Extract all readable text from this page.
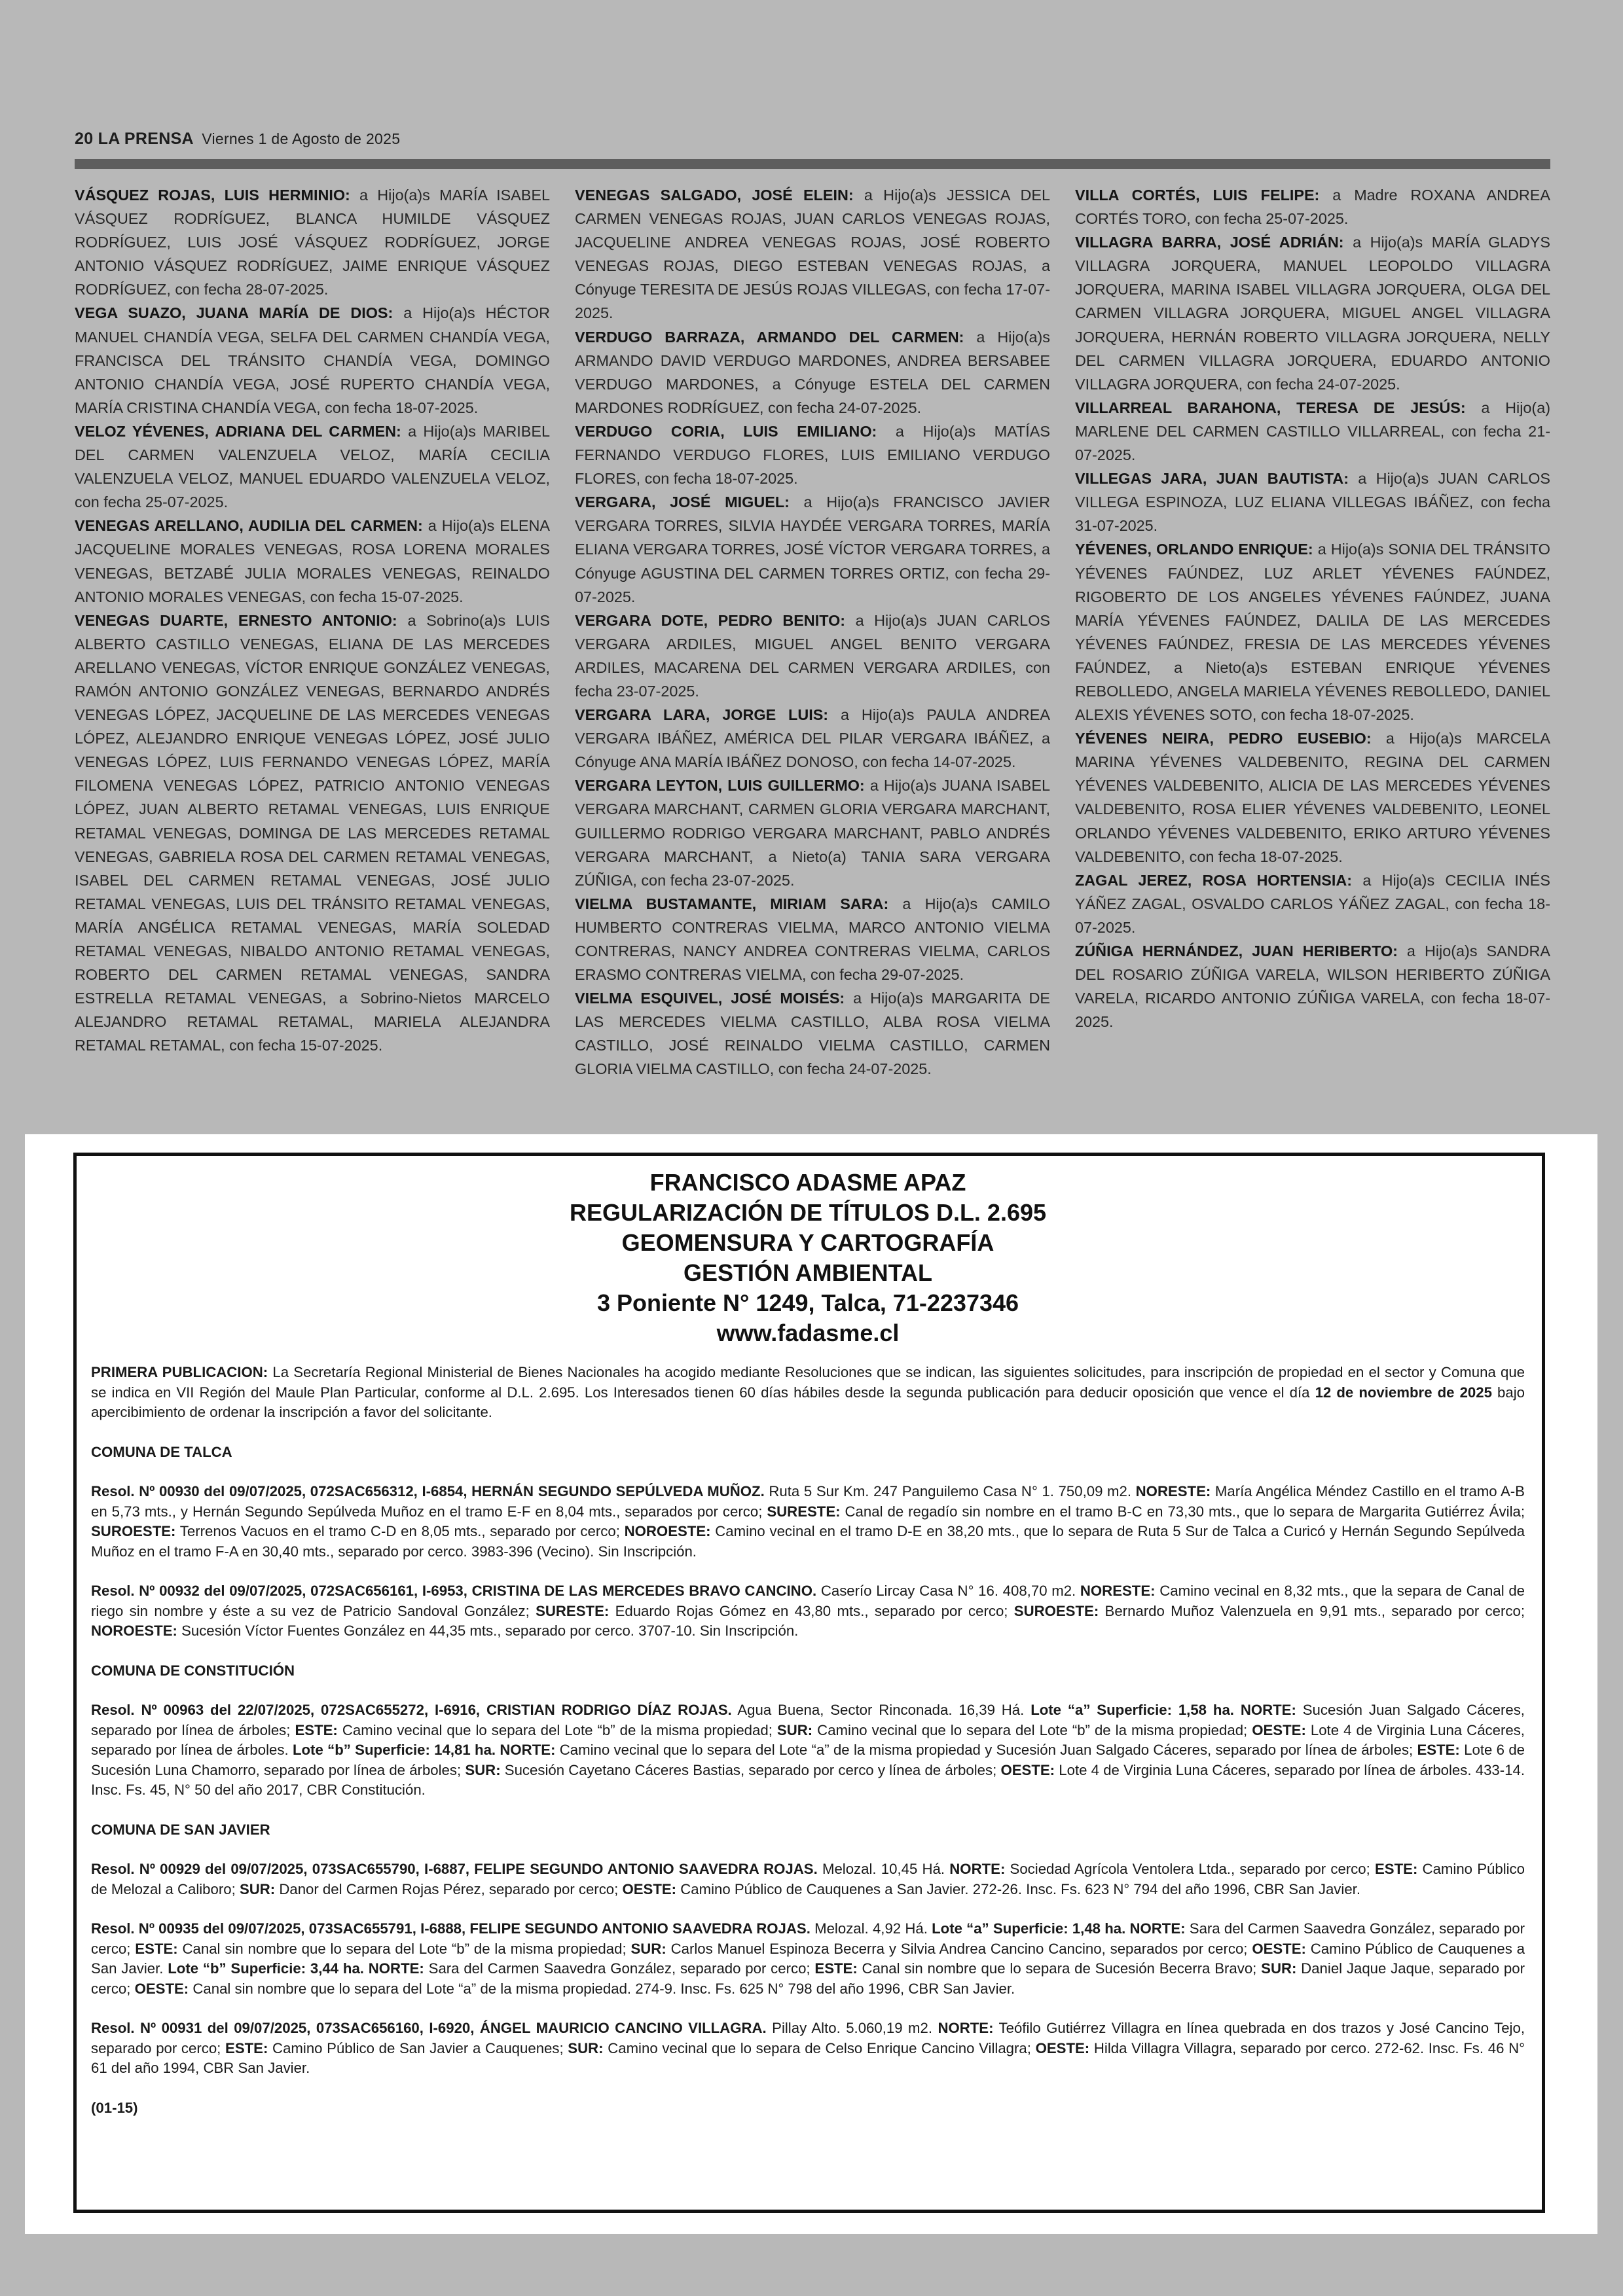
20 LA PRENSA Viernes 1 de Agosto de 2025
VÁSQUEZ ROJAS, LUIS HERMINIO: a Hijo(a)s MARÍA ISABEL VÁSQUEZ RODRÍGUEZ, BLANCA HUMILDE VÁSQUEZ RODRÍGUEZ, LUIS JOSÉ VÁSQUEZ RODRÍGUEZ, JORGE ANTONIO VÁSQUEZ RODRÍGUEZ, JAIME ENRIQUE VÁSQUEZ RODRÍGUEZ, con fecha 28-07-2025.
VEGA SUAZO, JUANA MARÍA DE DIOS: a Hijo(a)s HÉCTOR MANUEL CHANDÍA VEGA, SELFA DEL CARMEN CHANDÍA VEGA, FRANCISCA DEL TRÁNSITO CHANDÍA VEGA, DOMINGO ANTONIO CHANDÍA VEGA, JOSÉ RUPERTO CHANDÍA VEGA, MARÍA CRISTINA CHANDÍA VEGA, con fecha 18-07-2025.
VELOZ YÉVENES, ADRIANA DEL CARMEN: a Hijo(a)s MARIBEL DEL CARMEN VALENZUELA VELOZ, MARÍA CECILIA VALENZUELA VELOZ, MANUEL EDUARDO VALENZUELA VELOZ, con fecha 25-07-2025.
VENEGAS ARELLANO, AUDILIA DEL CARMEN: a Hijo(a)s ELENA JACQUELINE MORALES VENEGAS, ROSA LORENA MORALES VENEGAS, BETZABÉ JULIA MORALES VENEGAS, REINALDO ANTONIO MORALES VENEGAS, con fecha 15-07-2025.
VENEGAS DUARTE, ERNESTO ANTONIO: a Sobrino(a)s LUIS ALBERTO CASTILLO VENEGAS, ELIANA DE LAS MERCEDES ARELLANO VENEGAS, VÍCTOR ENRIQUE GONZÁLEZ VENEGAS, RAMÓN ANTONIO GONZÁLEZ VENEGAS, BERNARDO ANDRÉS VENEGAS LÓPEZ, JACQUELINE DE LAS MERCEDES VENEGAS LÓPEZ, ALEJANDRO ENRIQUE VENEGAS LÓPEZ, JOSÉ JULIO VENEGAS LÓPEZ, LUIS FERNANDO VENEGAS LÓPEZ, MARÍA FILOMENA VENEGAS LÓPEZ, PATRICIO ANTONIO VENEGAS LÓPEZ, JUAN ALBERTO RETAMAL VENEGAS, LUIS ENRIQUE RETAMAL VENEGAS, DOMINGA DE LAS MERCEDES RETAMAL VENEGAS, GABRIELA ROSA DEL CARMEN RETAMAL VENEGAS, ISABEL DEL CARMEN RETAMAL VENEGAS, JOSÉ JULIO RETAMAL VENEGAS, LUIS DEL TRÁNSITO RETAMAL VENEGAS, MARÍA ANGÉLICA RETAMAL VENEGAS, MARÍA SOLEDAD RETAMAL VENEGAS, NIBALDO ANTONIO RETAMAL VENEGAS, ROBERTO DEL CARMEN RETAMAL VENEGAS, SANDRA ESTRELLA RETAMAL VENEGAS, a Sobrino-Nietos MARCELO ALEJANDRO RETAMAL RETAMAL, MARIELA ALEJANDRA RETAMAL RETAMAL, con fecha 15-07-2025.
VENEGAS SALGADO, JOSÉ ELEIN: a Hijo(a)s JESSICA DEL CARMEN VENEGAS ROJAS, JUAN CARLOS VENEGAS ROJAS, JACQUELINE ANDREA VENEGAS ROJAS, JOSÉ ROBERTO VENEGAS ROJAS, DIEGO ESTEBAN VENEGAS ROJAS, a Cónyuge TERESITA DE JESÚS ROJAS VILLEGAS, con fecha 17-07-2025.
VERDUGO BARRAZA, ARMANDO DEL CARMEN: a Hijo(a)s ARMANDO DAVID VERDUGO MARDONES, ANDREA BERSABEE VERDUGO MARDONES, a Cónyuge ESTELA DEL CARMEN MARDONES RODRÍGUEZ, con fecha 24-07-2025.
VERDUGO CORIA, LUIS EMILIANO: a Hijo(a)s MATÍAS FERNANDO VERDUGO FLORES, LUIS EMILIANO VERDUGO FLORES, con fecha 18-07-2025.
VERGARA, JOSÉ MIGUEL: a Hijo(a)s FRANCISCO JAVIER VERGARA TORRES, SILVIA HAYDÉE VERGARA TORRES, MARÍA ELIANA VERGARA TORRES, JOSÉ VÍCTOR VERGARA TORRES, a Cónyuge AGUSTINA DEL CARMEN TORRES ORTIZ, con fecha 29-07-2025.
VERGARA DOTE, PEDRO BENITO: a Hijo(a)s JUAN CARLOS VERGARA ARDILES, MIGUEL ANGEL BENITO VERGARA ARDILES, MACARENA DEL CARMEN VERGARA ARDILES, con fecha 23-07-2025.
VERGARA LARA, JORGE LUIS: a Hijo(a)s PAULA ANDREA VERGARA IBÁÑEZ, AMÉRICA DEL PILAR VERGARA IBÁÑEZ, a Cónyuge ANA MARÍA IBÁÑEZ DONOSO, con fecha 14-07-2025.
VERGARA LEYTON, LUIS GUILLERMO: a Hijo(a)s JUANA ISABEL VERGARA MARCHANT, CARMEN GLORIA VERGARA MARCHANT, GUILLERMO RODRIGO VERGARA MARCHANT, PABLO ANDRÉS VERGARA MARCHANT, a Nieto(a) TANIA SARA VERGARA ZÚÑIGA, con fecha 23-07-2025.
VIELMA BUSTAMANTE, MIRIAM SARA: a Hijo(a)s CAMILO HUMBERTO CONTRERAS VIELMA, MARCO ANTONIO VIELMA CONTRERAS, NANCY ANDREA CONTRERAS VIELMA, CARLOS ERASMO CONTRERAS VIELMA, con fecha 29-07-2025.
VIELMA ESQUIVEL, JOSÉ MOISÉS: a Hijo(a)s MARGARITA DE LAS MERCEDES VIELMA CASTILLO, ALBA ROSA VIELMA CASTILLO, JOSÉ REINALDO VIELMA CASTILLO, CARMEN GLORIA VIELMA CASTILLO, con fecha 24-07-2025.
VILLA CORTÉS, LUIS FELIPE: a Madre ROXANA ANDREA CORTÉS TORO, con fecha 25-07-2025.
VILLAGRA BARRA, JOSÉ ADRIÁN: a Hijo(a)s MARÍA GLADYS VILLAGRA JORQUERA, MANUEL LEOPOLDO VILLAGRA JORQUERA, MARINA ISABEL VILLAGRA JORQUERA, OLGA DEL CARMEN VILLAGRA JORQUERA, MIGUEL ANGEL VILLAGRA JORQUERA, HERNÁN ROBERTO VILLAGRA JORQUERA, NELLY DEL CARMEN VILLAGRA JORQUERA, EDUARDO ANTONIO VILLAGRA JORQUERA, con fecha 24-07-2025.
VILLARREAL BARAHONA, TERESA DE JESÚS: a Hijo(a) MARLENE DEL CARMEN CASTILLO VILLARREAL, con fecha 21-07-2025.
VILLEGAS JARA, JUAN BAUTISTA: a Hijo(a)s JUAN CARLOS VILLEGA ESPINOZA, LUZ ELIANA VILLEGAS IBÁÑEZ, con fecha 31-07-2025.
YÉVENES, ORLANDO ENRIQUE: a Hijo(a)s SONIA DEL TRÁNSITO YÉVENES FAÚNDEZ, LUZ ARLET YÉVENES FAÚNDEZ, RIGOBERTO DE LOS ANGELES YÉVENES FAÚNDEZ, JUANA MARÍA YÉVENES FAÚNDEZ, DALILA DE LAS MERCEDES YÉVENES FAÚNDEZ, FRESIA DE LAS MERCEDES YÉVENES FAÚNDEZ, a Nieto(a)s ESTEBAN ENRIQUE YÉVENES REBOLLEDO, ANGELA MARIELA YÉVENES REBOLLEDO, DANIEL ALEXIS YÉVENES SOTO, con fecha 18-07-2025.
YÉVENES NEIRA, PEDRO EUSEBIO: a Hijo(a)s MARCELA MARINA YÉVENES VALDEBENITO, REGINA DEL CARMEN YÉVENES VALDEBENITO, ALICIA DE LAS MERCEDES YÉVENES VALDEBENITO, ROSA ELIER YÉVENES VALDEBENITO, LEONEL ORLANDO YÉVENES VALDEBENITO, ERIKO ARTURO YÉVENES VALDEBENITO, con fecha 18-07-2025.
ZAGAL JEREZ, ROSA HORTENSIA: a Hijo(a)s CECILIA INÉS YÁÑEZ ZAGAL, OSVALDO CARLOS YÁÑEZ ZAGAL, con fecha 18-07-2025.
ZÚÑIGA HERNÁNDEZ, JUAN HERIBERTO: a Hijo(a)s SANDRA DEL ROSARIO ZÚÑIGA VARELA, WILSON HERIBERTO ZÚÑIGA VARELA, RICARDO ANTONIO ZÚÑIGA VARELA, con fecha 18-07-2025.
FRANCISCO ADASME APAZ
REGULARIZACIÓN DE TÍTULOS D.L. 2.695
GEOMENSURA Y CARTOGRAFÍA
GESTIÓN AMBIENTAL
3 Poniente N° 1249, Talca, 71-2237346
www.fadasme.cl

PRIMERA PUBLICACION: La Secretaría Regional Ministerial de Bienes Nacionales ha acogido mediante Resoluciones que se indican, las siguientes solicitudes, para inscripción de propiedad en el sector y Comuna que se indica en VII Región del Maule Plan Particular, conforme al D.L. 2.695. Los Interesados tienen 60 días hábiles desde la segunda publicación para deducir oposición que vence el día 12 de noviembre de 2025 bajo apercibimiento de ordenar la inscripción a favor del solicitante.

COMUNA DE TALCA

Resol. Nº 00930 del 09/07/2025, 072SAC656312, I-6854, HERNÁN SEGUNDO SEPÚLVEDA MUÑOZ. Ruta 5 Sur Km. 247 Panguilemo Casa N° 1. 750,09 m2. NORESTE: María Angélica Méndez Castillo en el tramo A-B en 5,73 mts., y Hernán Segundo Sepúlveda Muñoz en el tramo E-F en 8,04 mts., separados por cerco; SURESTE: Canal de regadío sin nombre en el tramo B-C en 73,30 mts., que lo separa de Margarita Gutiérrez Ávila; SUROESTE: Terrenos Vacuos en el tramo C-D en 8,05 mts., separado por cerco; NOROESTE: Camino vecinal en el tramo D-E en 38,20 mts., que lo separa de Ruta 5 Sur de Talca a Curicó y Hernán Segundo Sepúlveda Muñoz en el tramo F-A en 30,40 mts., separado por cerco. 3983-396 (Vecino). Sin Inscripción.

Resol. Nº 00932 del 09/07/2025, 072SAC656161, I-6953, CRISTINA DE LAS MERCEDES BRAVO CANCINO. Caserío Lircay Casa N° 16. 408,70 m2. NORESTE: Camino vecinal en 8,32 mts., que la separa de Canal de riego sin nombre y éste a su vez de Patricio Sandoval González; SURESTE: Eduardo Rojas Gómez en 43,80 mts., separado por cerco; SUROESTE: Bernardo Muñoz Valenzuela en 9,91 mts., separado por cerco; NOROESTE: Sucesión Víctor Fuentes González en 44,35 mts., separado por cerco. 3707-10. Sin Inscripción.

COMUNA DE CONSTITUCIÓN

Resol. Nº 00963 del 22/07/2025, 072SAC655272, I-6916, CRISTIAN RODRIGO DÍAZ ROJAS. Agua Buena, Sector Rinconada. 16,39 Há. Lote “a” Superficie: 1,58 ha. NORTE: Sucesión Juan Salgado Cáceres, separado por línea de árboles; ESTE: Camino vecinal que lo separa del Lote “b” de la misma propiedad; SUR: Camino vecinal que lo separa del Lote “b” de la misma propiedad; OESTE: Lote 4 de Virginia Luna Cáceres, separado por línea de árboles. Lote “b” Superficie: 14,81 ha. NORTE: Camino vecinal que lo separa del Lote “a” de la misma propiedad y Sucesión Juan Salgado Cáceres, separado por línea de árboles; ESTE: Lote 6 de Sucesión Luna Chamorro, separado por línea de árboles; SUR: Sucesión Cayetano Cáceres Bastias, separado por cerco y línea de árboles; OESTE: Lote 4 de Virginia Luna Cáceres, separado por línea de árboles. 433-14. Insc. Fs. 45, N° 50 del año 2017, CBR Constitución.

COMUNA DE SAN JAVIER

Resol. Nº 00929 del 09/07/2025, 073SAC655790, I-6887, FELIPE SEGUNDO ANTONIO SAAVEDRA ROJAS. Melozal. 10,45 Há. NORTE: Sociedad Agrícola Ventolera Ltda., separado por cerco; ESTE: Camino Público de Melozal a Caliboro; SUR: Danor del Carmen Rojas Pérez, separado por cerco; OESTE: Camino Público de Cauquenes a San Javier. 272-26. Insc. Fs. 623 N° 794 del año 1996, CBR San Javier.

Resol. Nº 00935 del 09/07/2025, 073SAC655791, I-6888, FELIPE SEGUNDO ANTONIO SAAVEDRA ROJAS. Melozal. 4,92 Há. Lote “a” Superficie: 1,48 ha. NORTE: Sara del Carmen Saavedra González, separado por cerco; ESTE: Canal sin nombre que lo separa del Lote “b” de la misma propiedad; SUR: Carlos Manuel Espinoza Becerra y Silvia Andrea Cancino Cancino, separados por cerco; OESTE: Camino Público de Cauquenes a San Javier. Lote “b” Superficie: 3,44 ha. NORTE: Sara del Carmen Saavedra González, separado por cerco; ESTE: Canal sin nombre que lo separa de Sucesión Becerra Bravo; SUR: Daniel Jaque Jaque, separado por cerco; OESTE: Canal sin nombre que lo separa del Lote “a” de la misma propiedad. 274-9. Insc. Fs. 625 N° 798 del año 1996, CBR San Javier.

Resol. Nº 00931 del 09/07/2025, 073SAC656160, I-6920, ÁNGEL MAURICIO CANCINO VILLAGRA. Pillay Alto. 5.060,19 m2. NORTE: Teófilo Gutiérrez Villagra en línea quebrada en dos trazos y José Cancino Tejo, separado por cerco; ESTE: Camino Público de San Javier a Cauquenes; SUR: Camino vecinal que lo separa de Celso Enrique Cancino Villagra; OESTE: Hilda Villagra Villagra, separado por cerco. 272-62. Insc. Fs. 46 N° 61 del año 1994, CBR San Javier.

(01-15)
